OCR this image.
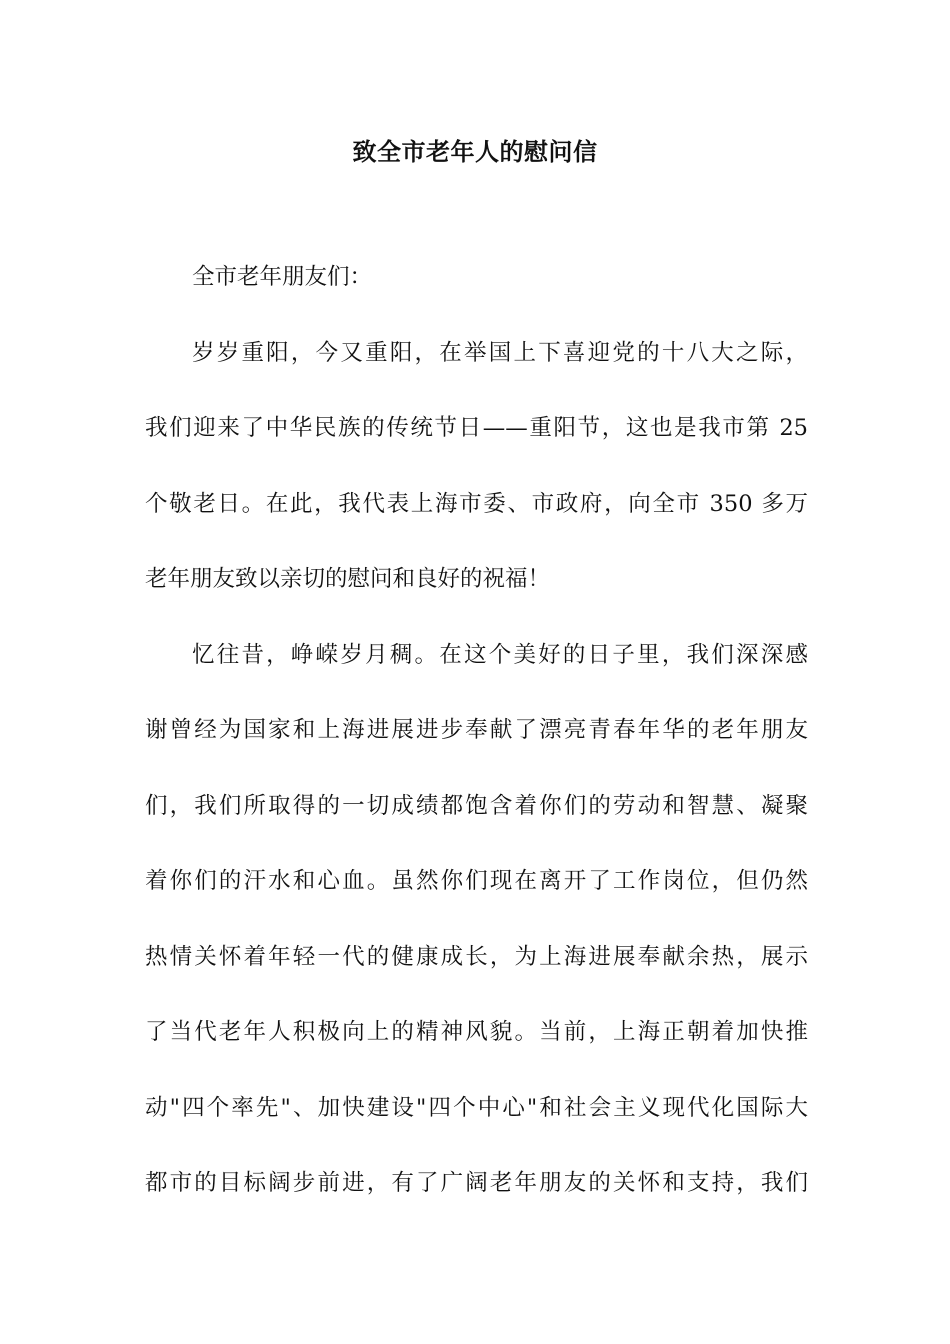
致全市老年人的慰问信
全市老年朋友们：
岁岁重阳，今又重阳，在举国上下喜迎党的十八大之际，
我们迎来了中华民族的传统节日——重阳节，这也是我市第 25
个敬老日。在此，我代表上海市委、市政府，向全市 350 多万
老年朋友致以亲切的慰问和良好的祝福！
忆往昔，峥嵘岁月稠。在这个美好的日子里，我们深深感
谢曾经为国家和上海进展进步奉献了漂亮青春年华的老年朋友
们，我们所取得的一切成绩都饱含着你们的劳动和智慧、凝聚
着你们的汗水和心血。虽然你们现在离开了工作岗位，但仍然
热情关怀着年轻一代的健康成长，为上海进展奉献余热，展示
了当代老年人积极向上的精神风貌。当前，上海正朝着加快推
动"四个率先"、加快建设"四个中心"和社会主义现代化国际大
都市的目标阔步前进，有了广阔老年朋友的关怀和支持，我们
